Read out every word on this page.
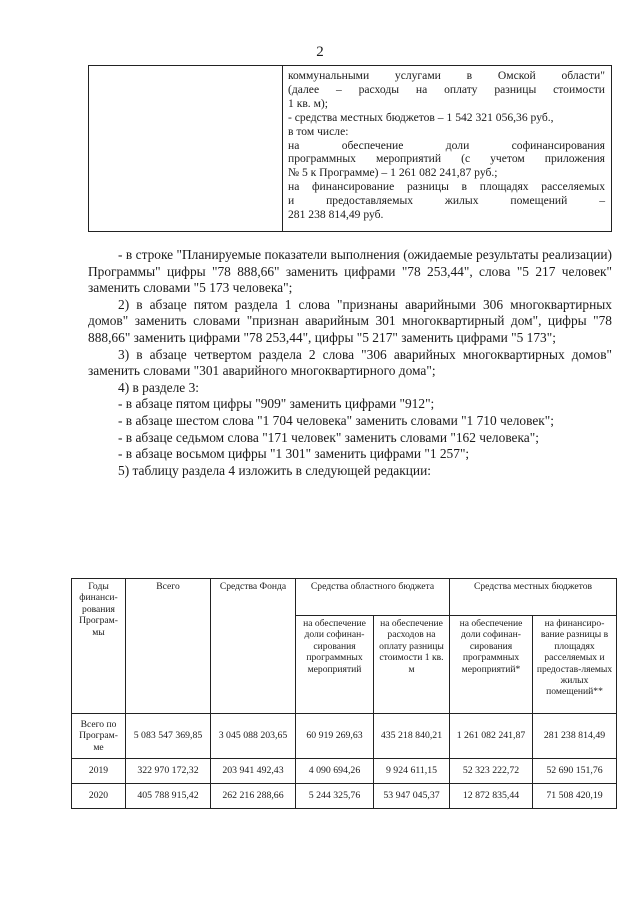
2

коммунальными услугами в Омской области"
(далее – расходы на оплату разницы стоимости
1 кв. м);
- средства местных бюджетов – 1 542 321 056,36 руб.,
в том числе:
на обеспечение доли софинансирования
программных мероприятий (с учетом приложения
№ 5 к Программе) – 1 261 082 241,87 руб.;
на финансирование разницы в площадях расселяемых
и предоставляемых жилых помещений –
281 238 814,49 руб.

- в строке "Планируемые показатели выполнения (ожидаемые результаты реализации) Программы" цифры "78 888,66" заменить цифрами "78 253,44", слова "5 217 человек" заменить словами "5 173 человека";

2) в абзаце пятом раздела 1 слова "признаны аварийными 306 многоквартирных домов" заменить словами "признан аварийным 301 многоквартирный дом", цифры "78 888,66" заменить цифрами "78 253,44", цифры "5 217" заменить цифрами "5 173";

3) в абзаце четвертом раздела 2 слова "306 аварийных многоквартирных домов" заменить словами "301 аварийного многоквартирного дома";

4) в разделе 3:

- в абзаце пятом цифры "909" заменить цифрами "912";

- в абзаце шестом слова "1 704 человека" заменить словами "1 710 человек";

- в абзаце седьмом слова "171 человек" заменить словами "162 человека";

- в абзаце восьмом цифры "1 301" заменить цифрами "1 257";

5) таблицу раздела 4 изложить в следующей редакции:

Годы финанси-рования Програм-мы	Всего	Средства Фонда	Средства областного бюджета		Средства местных бюджетов	
			на обеспечение доли софинан-сирования программных мероприятий	на обеспечение расходов на оплату разницы стоимости 1 кв. м	на обеспечение доли софинан-сирования программных мероприятий*	на финансиро-вание разницы в площадях расселяемых и предостав-ляемых жилых помещений**
Всего по Програм-ме	5 083 547 369,85	3 045 088 203,65	60 919 269,63	435 218 840,21	1 261 082 241,87	281 238 814,49
2019	322 970 172,32	203 941 492,43	4 090 694,26	9 924 611,15	52 323 222,72	52 690 151,76
2020	405 788 915,42	262 216 288,66	5 244 325,76	53 947 045,37	12 872 835,44	71 508 420,19
